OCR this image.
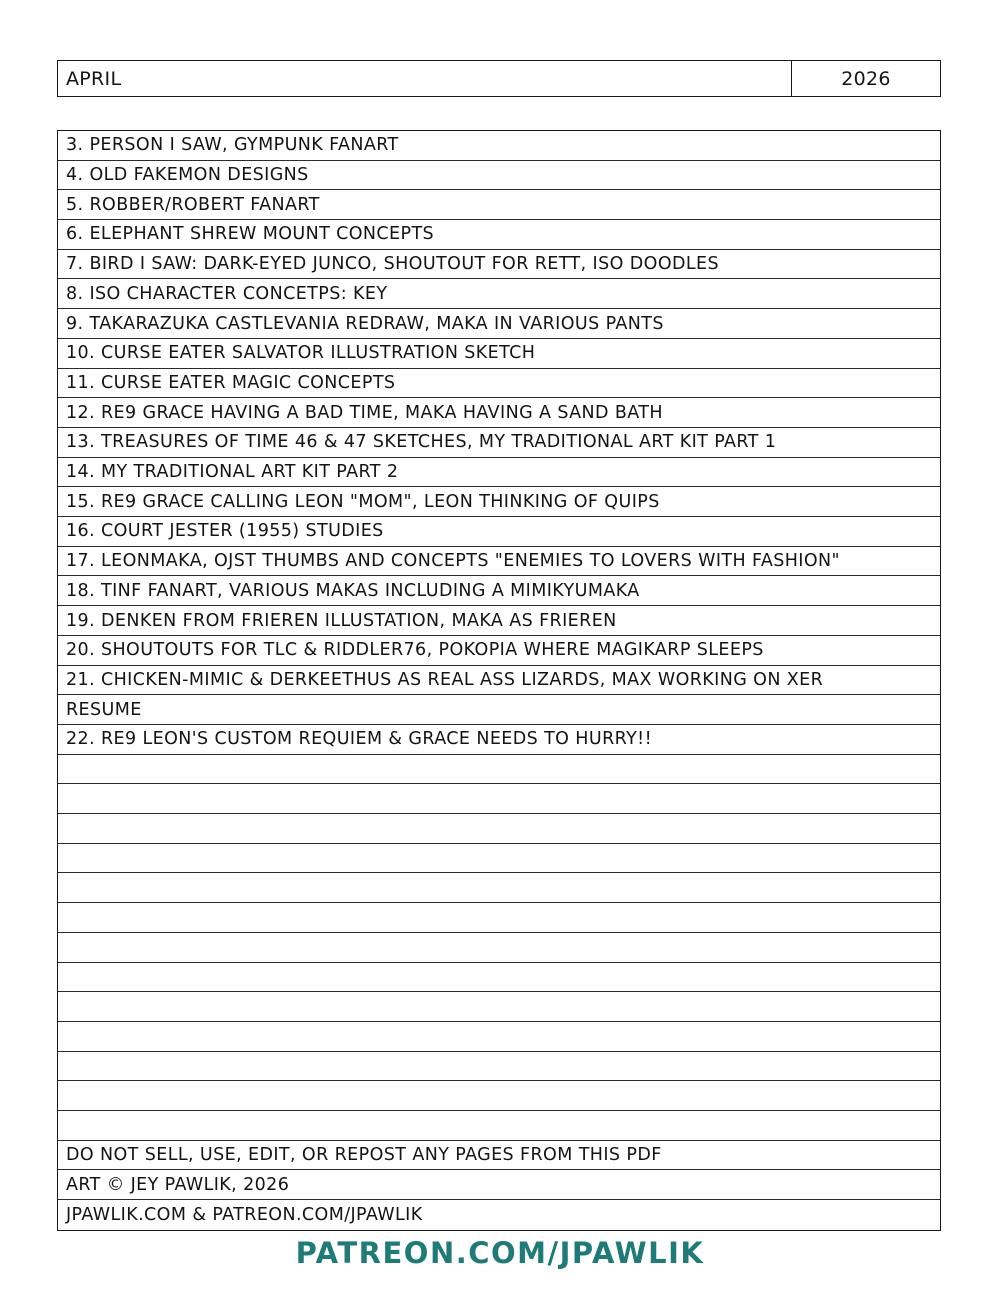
APRIL	2026
3. PERSON I SAW, GYMPUNK FANART
4. OLD FAKEMON DESIGNS
5. ROBBER/ROBERT FANART
6. ELEPHANT SHREW MOUNT CONCEPTS
7. BIRD I SAW: DARK-EYED JUNCO, SHOUTOUT FOR RETT, ISO DOODLES
8. ISO CHARACTER CONCETPS: KEY
9. TAKARAZUKA CASTLEVANIA REDRAW, MAKA IN VARIOUS PANTS
10. CURSE EATER SALVATOR ILLUSTRATION SKETCH
11. CURSE EATER MAGIC CONCEPTS
12. RE9 GRACE HAVING A BAD TIME, MAKA HAVING A SAND BATH
13. TREASURES OF TIME 46 & 47 SKETCHES, MY TRADITIONAL ART KIT PART 1
14. MY TRADITIONAL ART KIT PART 2
15. RE9 GRACE CALLING LEON "MOM", LEON THINKING OF QUIPS
16. COURT JESTER (1955) STUDIES
17. LEONMAKA, OJST THUMBS AND CONCEPTS "ENEMIES TO LOVERS WITH FASHION"
18. TINF FANART, VARIOUS MAKAS INCLUDING A MIMIKYUMAKA
19. DENKEN FROM FRIEREN ILLUSTATION, MAKA AS FRIEREN
20. SHOUTOUTS FOR TLC & RIDDLER76, POKOPIA WHERE MAGIKARP SLEEPS
21. CHICKEN-MIMIC & DERKEETHUS AS REAL ASS LIZARDS, MAX WORKING ON XER
RESUME
22. RE9 LEON'S CUSTOM REQUIEM & GRACE NEEDS TO HURRY!!
DO NOT SELL, USE, EDIT, OR REPOST ANY PAGES FROM THIS PDF
ART © JEY PAWLIK, 2026
JPAWLIK.COM & PATREON.COM/JPAWLIK
PATREON.COM/JPAWLIK
